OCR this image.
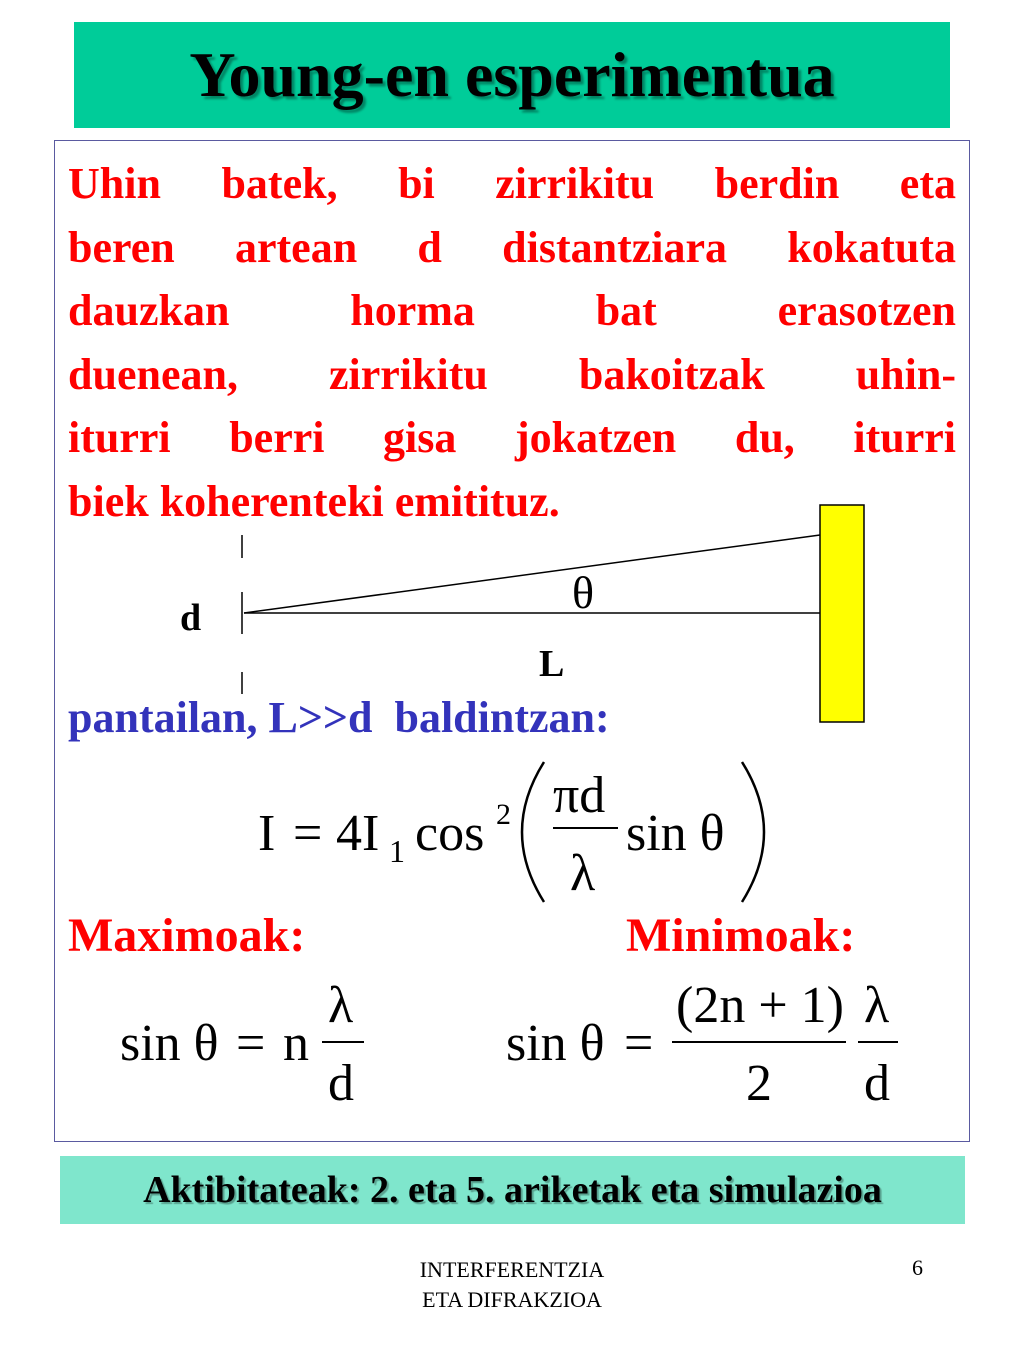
Young-en esperimentua
Uhin batek, bi zirrikitu berdin eta
beren artean d distantziara kokatuta
dauzkan horma bat erasotzen
duenean, zirrikitu bakoitzak uhin-
iturri berri gisa jokatzen du, iturri
biek koherenteki emitituz.
d	θ
L
pantailan, L>>d  baldintzan:
I = 4I 1 cos 2 πd
λ
sin θ
Maximoak:	Minimoak:
sin θ = n
λ
d
sin θ =
(2n + 1)
2
λ
d
Aktibitateak: 2. eta 5. ariketak eta simulazioa
INTERFERENTZIA
ETA DIFRAKZIOA
6
